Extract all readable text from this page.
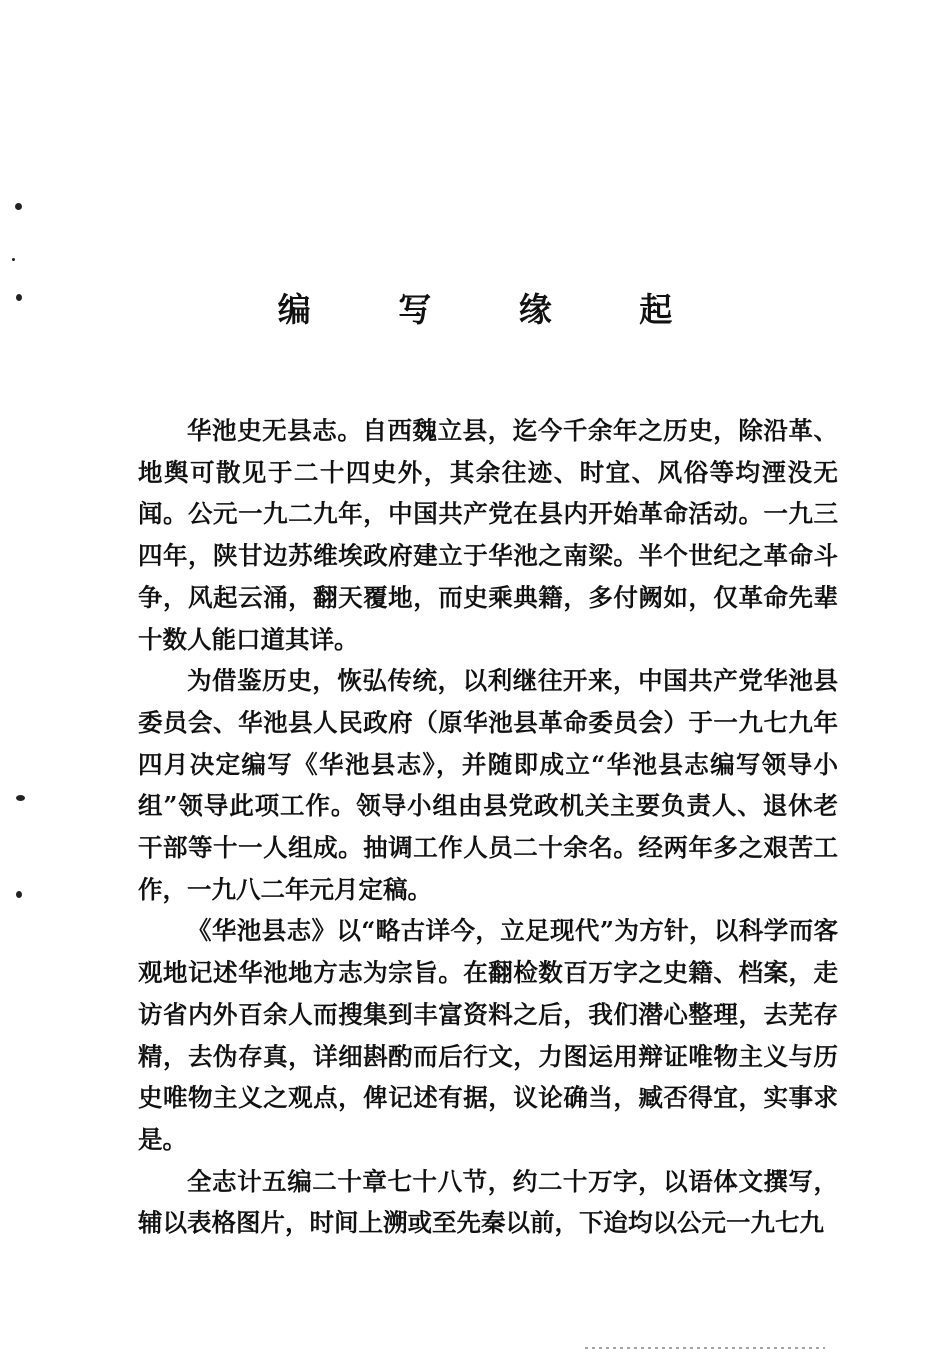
编 写 缘 起

华池史无县志。自西魏立县，迄今千余年之历史，除沿革、地舆可散见于二十四史外，其余往迹、时宜、风俗等均湮没无闻。公元一九二九年，中国共产党在县内开始革命活动。一九三四年，陕甘边苏维埃政府建立于华池之南梁。半个世纪之革命斗争，风起云涌，翻天覆地，而史乘典籍，多付阙如，仅革命先辈十数人能口道其详。

为借鉴历史，恢弘传统，以利继往开来，中国共产党华池县委员会、华池县人民政府（原华池县革命委员会）于一九七九年四月决定编写《华池县志》，并随即成立“华池县志编写领导小组”领导此项工作。领导小组由县党政机关主要负责人、退休老干部等十一人组成。抽调工作人员二十余名。经两年多之艰苦工作，一九八二年元月定稿。

《华池县志》以“略古详今，立足现代”为方针，以科学而客观地记述华池地方志为宗旨。在翻检数百万字之史籍、档案，走访省内外百余人而搜集到丰富资料之后，我们潜心整理，去芜存精，去伪存真，详细斟酌而后行文，力图运用辩证唯物主义与历史唯物主义之观点，俾记述有据，议论确当，臧否得宜，实事求是。

全志计五编二十章七十八节，约二十万字，以语体文撰写，辅以表格图片，时间上溯或至先秦以前，下迨均以公元一九七九
